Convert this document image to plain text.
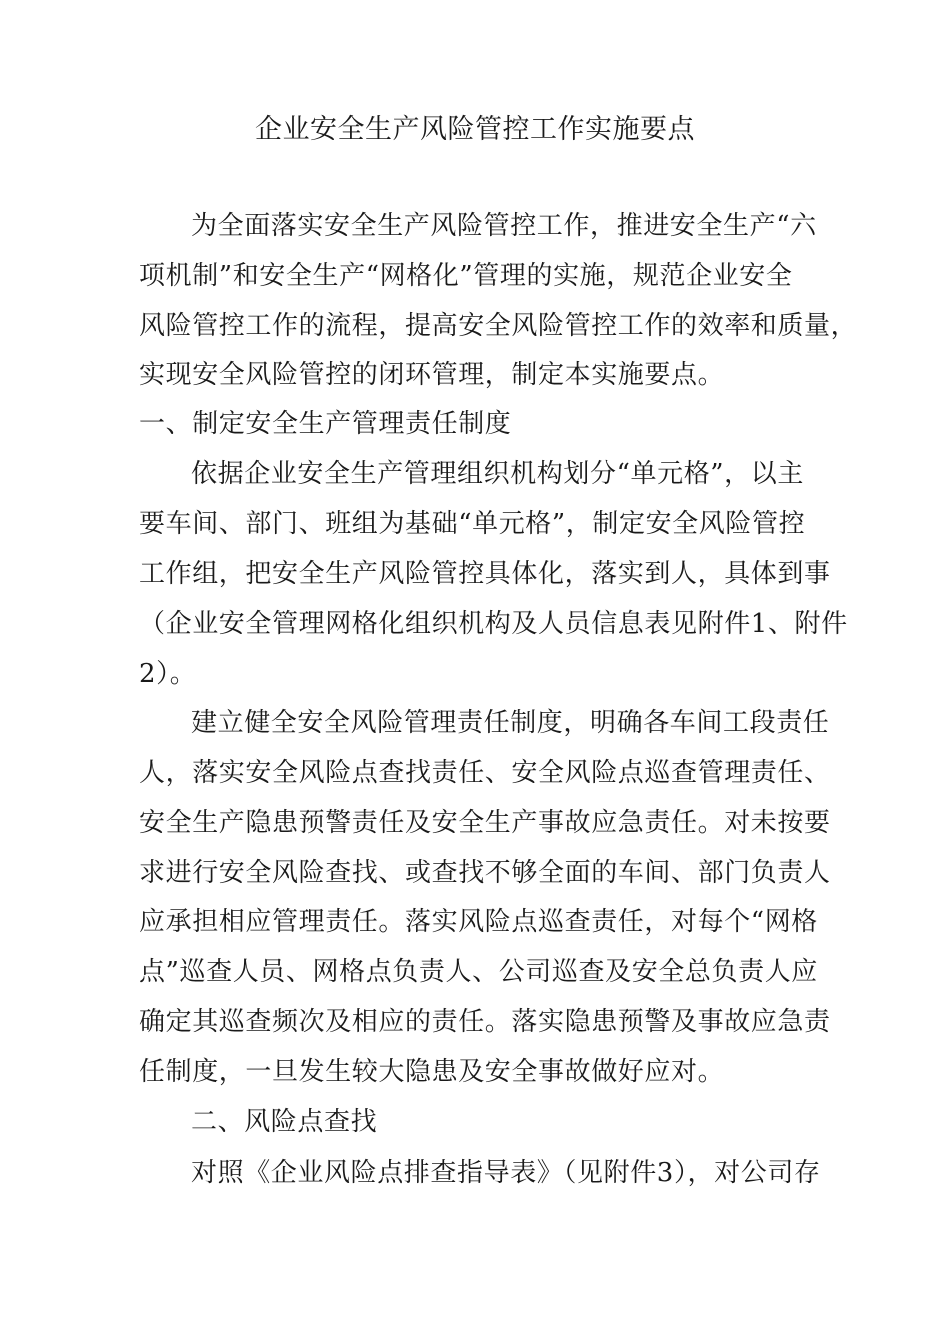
企业安全生产风险管控工作实施要点
为全面落实安全生产风险管控工作，推进安全生产“六
项机制”和安全生产“网格化”管理的实施，规范企业安全
风险管控工作的流程，提高安全风险管控工作的效率和质量，
实现安全风险管控的闭环管理，制定本实施要点。
一、制定安全生产管理责任制度
依据企业安全生产管理组织机构划分“单元格”，以主
要车间、部门、班组为基础“单元格”，制定安全风险管控
工作组，把安全生产风险管控具体化，落实到人，具体到事
（企业安全管理网格化组织机构及人员信息表见附件1、附件
2）。
建立健全安全风险管理责任制度，明确各车间工段责任
人，落实安全风险点查找责任、安全风险点巡查管理责任、
安全生产隐患预警责任及安全生产事故应急责任。对未按要
求进行安全风险查找、或查找不够全面的车间、部门负责人
应承担相应管理责任。落实风险点巡查责任，对每个“网格
点”巡查人员、网格点负责人、公司巡查及安全总负责人应
确定其巡查频次及相应的责任。落实隐患预警及事故应急责
任制度，一旦发生较大隐患及安全事故做好应对。
二、风险点查找
对照《企业风险点排查指导表》（见附件3），对公司存
